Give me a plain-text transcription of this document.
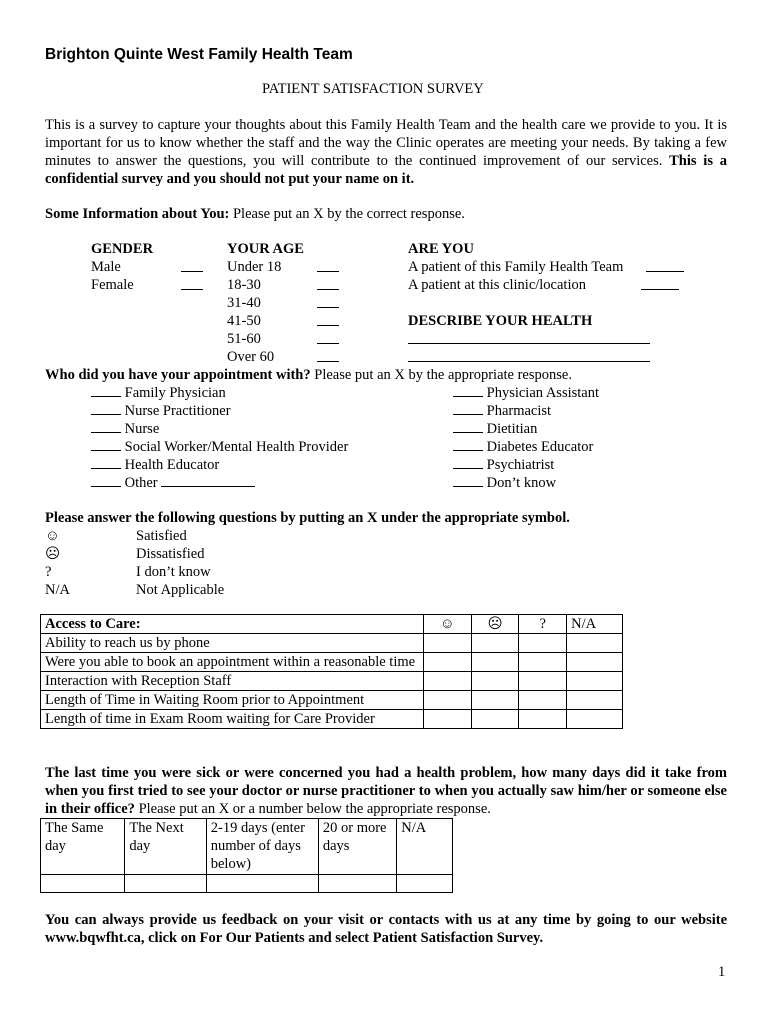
Brighton Quinte West Family Health Team
PATIENT SATISFACTION SURVEY
This is a survey to capture your thoughts about this Family Health Team and the health care we provide to you. It is important for us to know whether the staff and the way the Clinic operates are meeting your needs. By taking a few minutes to answer the questions, you will contribute to the continued improvement of our services. This is a confidential survey and you should not put your name on it.
Some Information about You: Please put an X by the correct response.
GENDER
Male
Female
YOUR AGE
Under 18
18-30
31-40
41-50
51-60
Over 60
ARE YOU
A patient of this Family Health Team
A patient at this clinic/location
DESCRIBE YOUR HEALTH
Who did you have your appointment with? Please put an X by the appropriate response.
Family Physician
Nurse Practitioner
Nurse
Social Worker/Mental Health Provider
Health Educator
Other
Physician Assistant
Pharmacist
Dietitian
Diabetes Educator
Psychiatrist
Don’t know
Please answer the following questions by putting an X under the appropriate symbol.
☺	Satisfied
☹	Dissatisfied
?	I don’t know
N/A	Not Applicable
Access to Care:	☺	☹	?	N/A
Ability to reach us by phone				
Were you able to book an appointment within a reasonable time				
Interaction with Reception Staff				
Length of Time in Waiting Room prior to Appointment				
Length of time in Exam Room waiting for Care Provider				
The last time you were sick or were concerned you had a health problem, how many days did it take from when you first tried to see your doctor or nurse practitioner to when you actually saw him/her or someone else in their office? Please put an X or a number below the appropriate response.
The Same day	The Next day	2-19 days (enter number of days below)	20 or more days	N/A

You can always provide us feedback on your visit or contacts with us at any time by going to our website www.bqwfht.ca, click on For Our Patients and select Patient Satisfaction Survey.
1
